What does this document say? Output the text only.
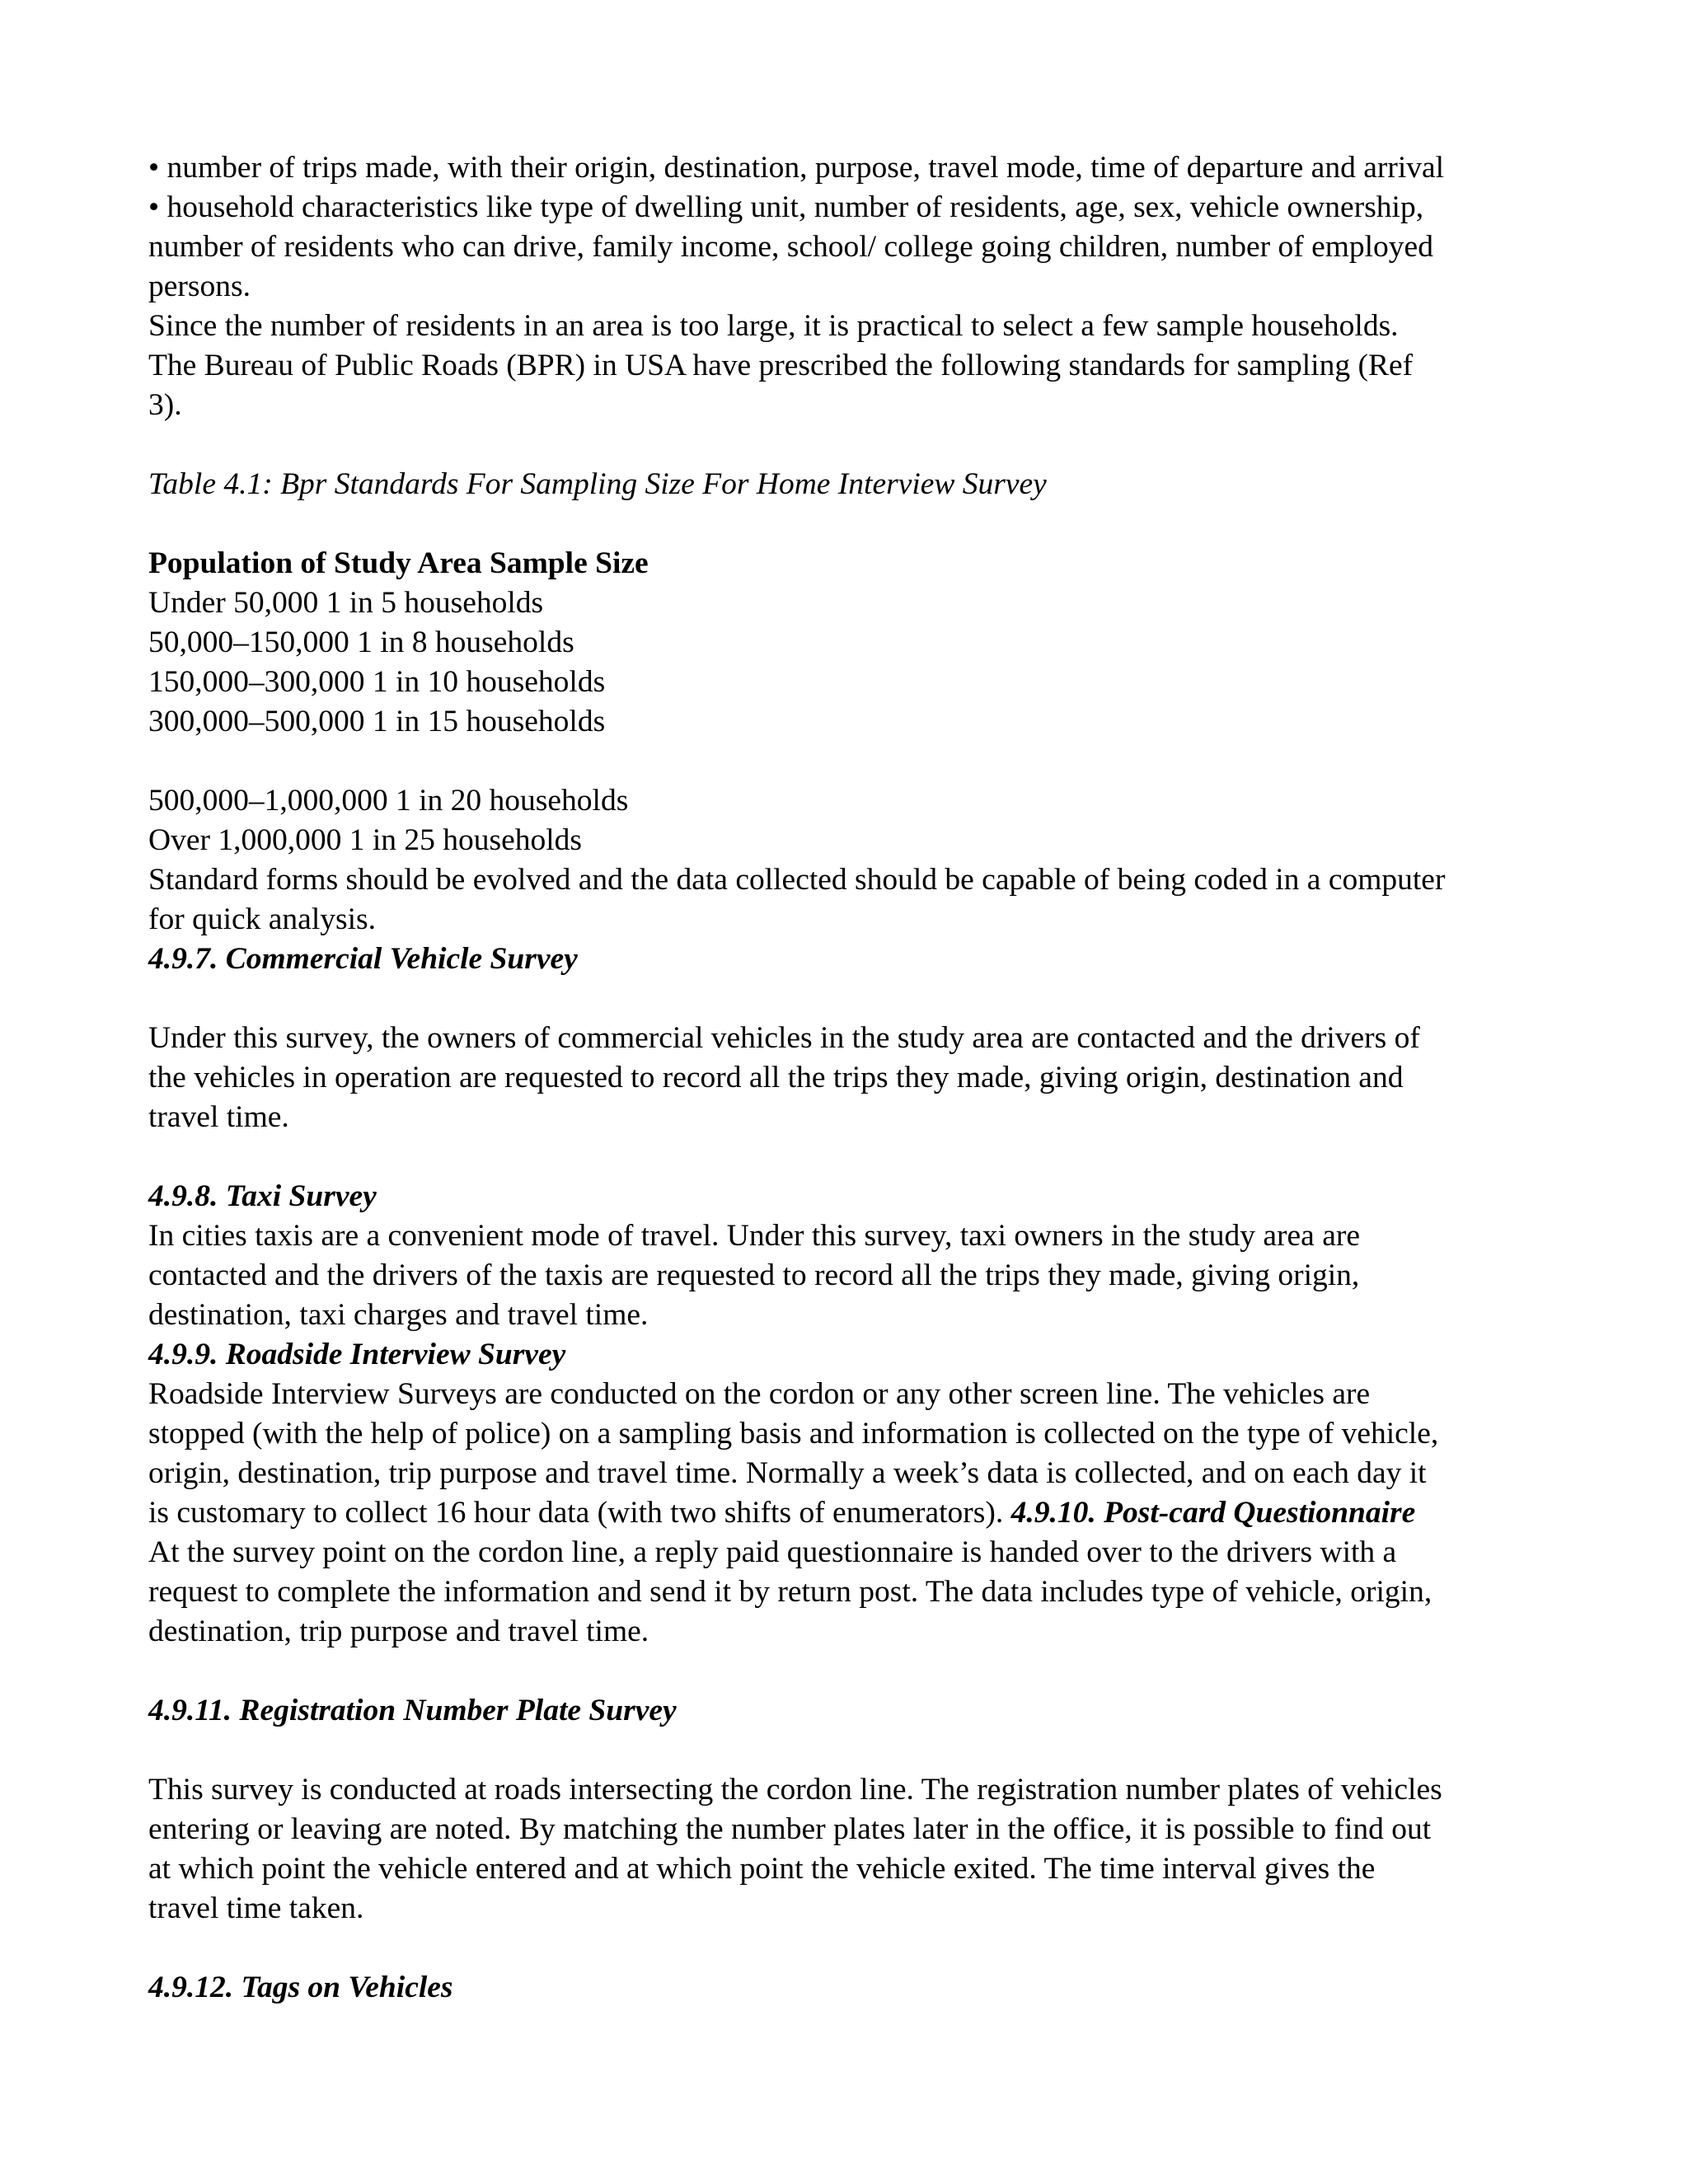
• number of trips made, with their origin, destination, purpose, travel mode, time of departure and arrival
• household characteristics like type of dwelling unit, number of residents, age, sex, vehicle ownership,
number of residents who can drive, family income, school/ college going children, number of employed
persons.
Since the number of residents in an area is too large, it is practical to select a few sample households.
The Bureau of Public Roads (BPR) in USA have prescribed the following standards for sampling (Ref
3).
Table 4.1: Bpr Standards For Sampling Size For Home Interview Survey
Population of Study Area Sample Size
Under 50,000 1 in 5 households
50,000–150,000 1 in 8 households
150,000–300,000 1 in 10 households
300,000–500,000 1 in 15 households
500,000–1,000,000 1 in 20 households
Over 1,000,000 1 in 25 households
Standard forms should be evolved and the data collected should be capable of being coded in a computer
for quick analysis.
4.9.7. Commercial Vehicle Survey
Under this survey, the owners of commercial vehicles in the study area are contacted and the drivers of
the vehicles in operation are requested to record all the trips they made, giving origin, destination and
travel time.
4.9.8. Taxi Survey
In cities taxis are a convenient mode of travel. Under this survey, taxi owners in the study area are
contacted and the drivers of the taxis are requested to record all the trips they made, giving origin,
destination, taxi charges and travel time.
4.9.9. Roadside Interview Survey
Roadside Interview Surveys are conducted on the cordon or any other screen line. The vehicles are
stopped (with the help of police) on a sampling basis and information is collected on the type of vehicle,
origin, destination, trip purpose and travel time. Normally a week’s data is collected, and on each day it
is customary to collect 16 hour data (with two shifts of enumerators). 4.9.10. Post-card Questionnaire
At the survey point on the cordon line, a reply paid questionnaire is handed over to the drivers with a
request to complete the information and send it by return post. The data includes type of vehicle, origin,
destination, trip purpose and travel time.
4.9.11. Registration Number Plate Survey
This survey is conducted at roads intersecting the cordon line. The registration number plates of vehicles
entering or leaving are noted. By matching the number plates later in the office, it is possible to find out
at which point the vehicle entered and at which point the vehicle exited. The time interval gives the
travel time taken.
4.9.12. Tags on Vehicles
